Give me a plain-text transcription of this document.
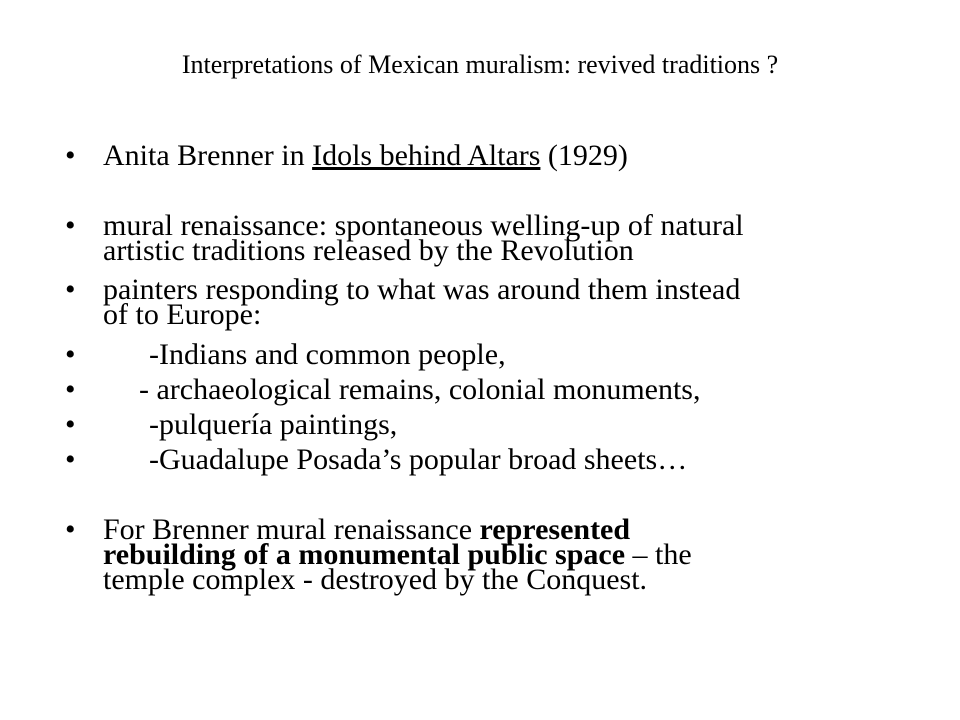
Interpretations of Mexican muralism: revived traditions ?
• Anita Brenner in Idols behind Altars (1929)
• mural renaissance: spontaneous welling-up of natural
artistic traditions released by the Revolution
• painters responding to what was around them instead
of to Europe:
• -Indians and common people,
• - archaeological remains, colonial monuments,
• -pulquería paintings,
• -Guadalupe Posada’s popular broad sheets…
• For Brenner mural renaissance represented
rebuilding of a monumental public space – the
temple complex - destroyed by the Conquest.
